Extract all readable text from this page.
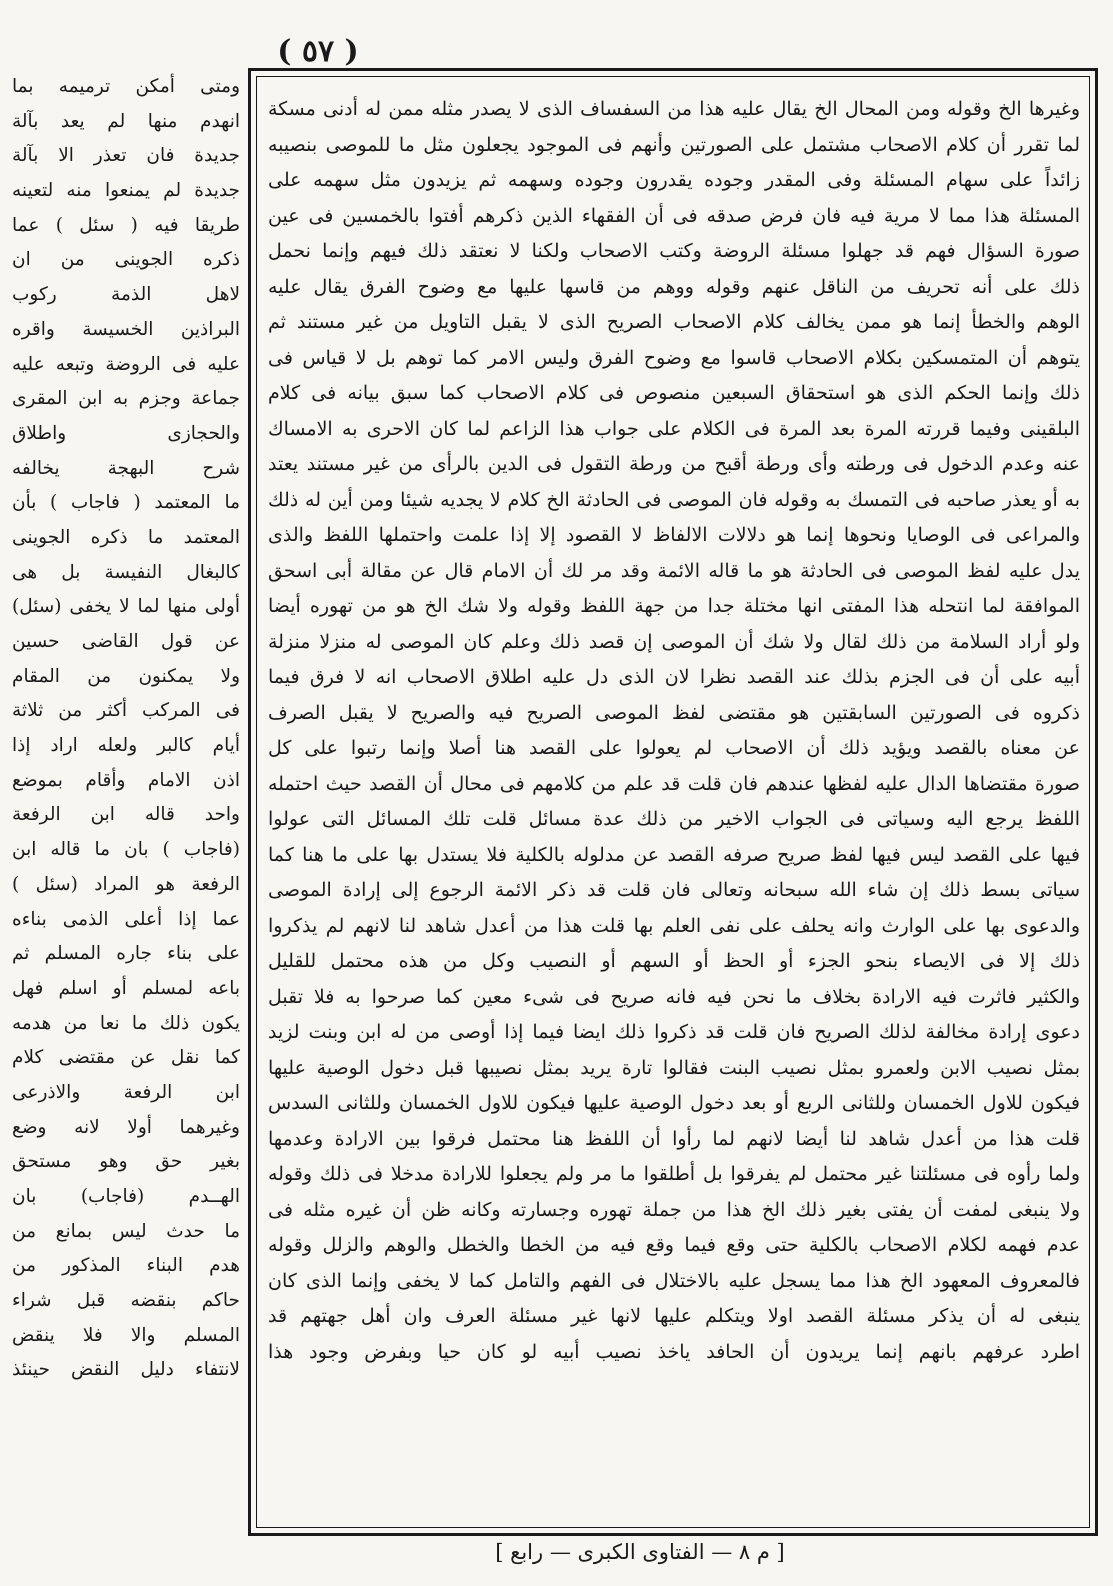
( ٥٧ )
وغيرها الخ وقوله ومن المحال الخ يقال عليه هذا من السفساف الذى لا يصدر مثله ممن له أدنى مسكة
لما تقرر أن كلام الاصحاب مشتمل على الصورتين وأنهم فى الموجود يجعلون مثل ما للموصى بنصيبه
زائداً على سهام المسئلة وفى المقدر وجوده يقدرون وجوده وسهمه ثم يزيدون مثل سهمه على
المسئلة هذا مما لا مرية فيه فان فرض صدقه فى أن الفقهاء الذين ذكرهم أفتوا بالخمسين فى عين
صورة السؤال فهم قد جهلوا مسئلة الروضة وكتب الاصحاب ولكنا لا نعتقد ذلك فيهم وإنما نحمل
ذلك على أنه تحريف من الناقل عنهم وقوله ووهم من قاسها عليها مع وضوح الفرق يقال عليه
الوهم والخطأ إنما هو ممن يخالف كلام الاصحاب الصريح الذى لا يقبل التاويل من غير مستند ثم
يتوهم أن المتمسكين بكلام الاصحاب قاسوا مع وضوح الفرق وليس الامر كما توهم بل لا قياس فى
ذلك وإنما الحكم الذى هو استحقاق السبعين منصوص فى كلام الاصحاب كما سبق بيانه فى كلام
البلقينى وفيما قررته المرة بعد المرة فى الكلام على جواب هذا الزاعم لما كان الاحرى به الامساك
عنه وعدم الدخول فى ورطته وأى ورطة أقبح من ورطة التقول فى الدين بالرأى من غير مستند يعتد
به أو يعذر صاحبه فى التمسك به وقوله فان الموصى فى الحادثة الخ كلام لا يجديه شيئا ومن أين له ذلك
والمراعى فى الوصايا ونحوها إنما هو دلالات الالفاظ لا القصود إلا إذا علمت واحتملها اللفظ والذى
يدل عليه لفظ الموصى فى الحادثة هو ما قاله الائمة وقد مر لك أن الامام قال عن مقالة أبى اسحق
الموافقة لما انتحله هذا المفتى انها مختلة جدا من جهة اللفظ وقوله ولا شك الخ هو من تهوره أيضا
ولو أراد السلامة من ذلك لقال ولا شك أن الموصى إن قصد ذلك وعلم كان الموصى له منزلا منزلة
أبيه على أن فى الجزم بذلك عند القصد نظرا لان الذى دل عليه اطلاق الاصحاب انه لا فرق فيما
ذكروه فى الصورتين السابقتين هو مقتضى لفظ الموصى الصريح فيه والصريح لا يقبل الصرف
عن معناه بالقصد ويؤيد ذلك أن الاصحاب لم يعولوا على القصد هنا أصلا وإنما رتبوا على كل
صورة مقتضاها الدال عليه لفظها عندهم فان قلت قد علم من كلامهم فى محال أن القصد حيث احتمله
اللفظ يرجع اليه وسياتى فى الجواب الاخير من ذلك عدة مسائل قلت تلك المسائل التى عولوا
فيها على القصد ليس فيها لفظ صريح صرفه القصد عن مدلوله بالكلية فلا يستدل بها على ما هنا كما
سياتى بسط ذلك إن شاء الله سبحانه وتعالى فان قلت قد ذكر الائمة الرجوع إلى إرادة الموصى
والدعوى بها على الوارث وانه يحلف على نفى العلم بها قلت هذا من أعدل شاهد لنا لانهم لم يذكروا
ذلك إلا فى الايصاء بنحو الجزء أو الحظ أو السهم أو النصيب وكل من هذه محتمل للقليل
والكثير فاثرت فيه الارادة بخلاف ما نحن فيه فانه صريح فى شىء معين كما صرحوا به فلا تقبل
دعوى إرادة مخالفة لذلك الصريح فان قلت قد ذكروا ذلك ايضا فيما إذا أوصى من له ابن وبنت لزيد
بمثل نصيب الابن ولعمرو بمثل نصيب البنت فقالوا تارة يريد بمثل نصيبها قبل دخول الوصية عليها
فيكون للاول الخمسان وللثانى الربع أو بعد دخول الوصية عليها فيكون للاول الخمسان وللثانى السدس
قلت هذا من أعدل شاهد لنا أيضا لانهم لما رأوا أن اللفظ هنا محتمل فرقوا بين الارادة وعدمها
ولما رأوه فى مسئلتنا غير محتمل لم يفرقوا بل أطلقوا ما مر ولم يجعلوا للارادة مدخلا فى ذلك وقوله
ولا ينبغى لمفت أن يفتى بغير ذلك الخ هذا من جملة تهوره وجسارته وكانه ظن أن غيره مثله فى
عدم فهمه لكلام الاصحاب بالكلية حتى وقع فيما وقع فيه من الخطا والخطل والوهم والزلل وقوله
فالمعروف المعهود الخ هذا مما يسجل عليه بالاختلال فى الفهم والتامل كما لا يخفى وإنما الذى كان
ينبغى له أن يذكر مسئلة القصد اولا ويتكلم عليها لانها غير مسئلة العرف وان أهل جهتهم قد
اطرد عرفهم بانهم إنما يريدون أن الحافد ياخذ نصيب أبيه لو كان حيا وبفرض وجود هذا
ومتى أمكن ترميمه بما
انهدم منها لم يعد بآلة
جديدة فان تعذر الا بآلة
جديدة لم يمنعوا منه لتعينه
طريقا فيه ( سئل ) عما
ذكره الجوينى من ان
لاهل الذمة ركوب
البراذين الخسيسة واقره
عليه فى الروضة وتبعه عليه
جماعة وجزم به ابن المقرى
والحجازى واطلاق
شرح البهجة يخالفه
ما المعتمد ( فاجاب ) بأن
المعتمد ما ذكره الجوينى
كالبغال النفيسة بل هى
أولى منها لما لا يخفى (سئل)
عن قول القاضى حسين
ولا يمكنون من المقام
فى المركب أكثر من ثلاثة
أيام كالبر ولعله اراد إذا
اذن الامام وأقام بموضع
واحد قاله ابن الرفعة
(فاجاب ) بان ما قاله ابن
الرفعة هو المراد (سئل )
عما إذا أعلى الذمى بناءه
على بناء جاره المسلم ثم
باعه لمسلم أو اسلم فهل
يكون ذلك ما نعا من هدمه
كما نقل عن مقتضى كلام
ابن الرفعة والاذرعى
وغيرهما أولا لانه وضع
بغير حق وهو مستحق
الهــدم (فاجاب) بان
ما حدث ليس بمانع من
هدم البناء المذكور من
حاكم بنقضه قبل شراء
المسلم والا فلا ينقض
لانتفاء دليل النقض حينئذ
[ م ٨ — الفتاوى الكبرى — رابع ]
